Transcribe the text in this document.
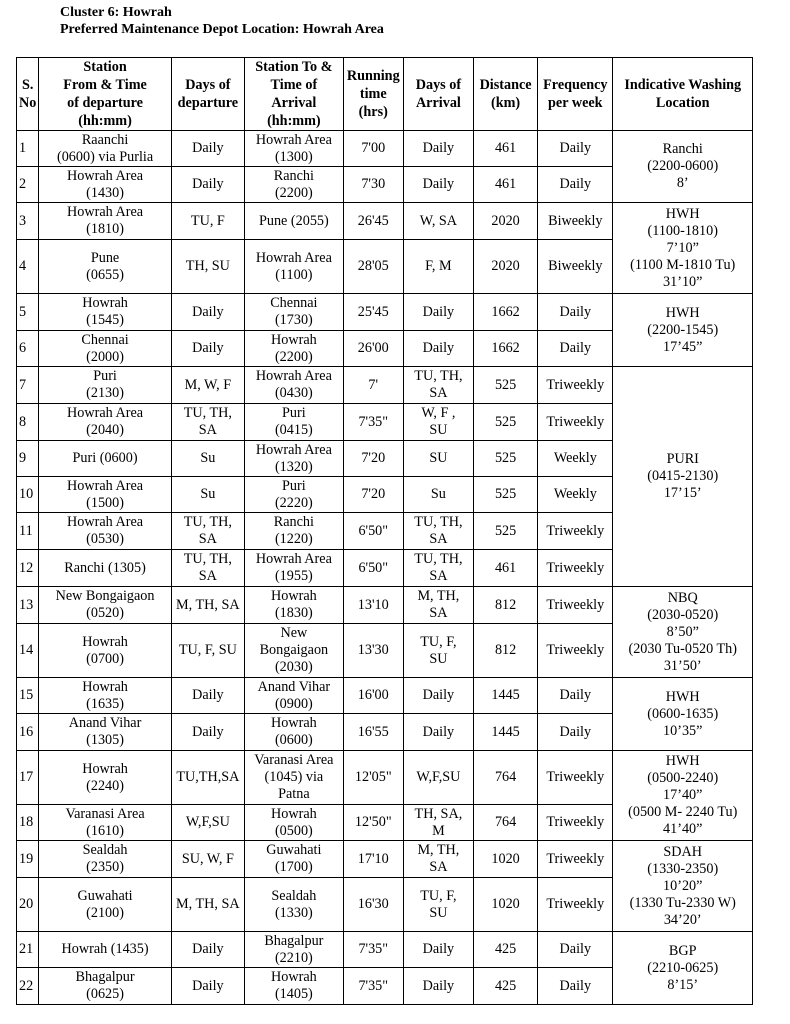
Cluster 6: Howrah
Preferred Maintenance Depot Location: Howrah Area
S.
No	Station
From & Time
of departure
(hh:mm)	Days of
departure	Station To &
Time of
Arrival
(hh:mm)	Running
time
(hrs)	Days of
Arrival	Distance
(km)	Frequency
per week	Indicative Washing
Location
1	Raanchi
(0600) via Purlia	Daily	Howrah Area
(1300)	7'00	Daily	461	Daily	Ranchi
(2200-0600)
8’
2	Howrah Area
(1430)	Daily	Ranchi
(2200)	7'30	Daily	461	Daily	
3	Howrah Area
(1810)	TU, F	Pune (2055)	26'45	W, SA	2020	Biweekly	HWH
(1100-1810)
7’10”
(1100 M-1810 Tu)
31’10”
4	Pune
(0655)	TH, SU	Howrah Area
(1100)	28'05	F, M	2020	Biweekly	
5	Howrah
(1545)	Daily	Chennai
(1730)	25'45	Daily	1662	Daily	HWH
(2200-1545)
17’45”
6	Chennai
(2000)	Daily	Howrah
(2200)	26'00	Daily	1662	Daily	
7	Puri
(2130)	M, W, F	Howrah Area
(0430)	7'	TU, TH,
SA	525	Triweekly	PURI
(0415-2130)
17’15’
8	Howrah Area
(2040)	TU, TH,
SA	Puri
(0415)	7'35"	W, F ,
SU	525	Triweekly	
9	Puri (0600)	Su	Howrah Area
(1320)	7'20	SU	525	Weekly	
10	Howrah Area
(1500)	Su	Puri
(2220)	7'20	Su	525	Weekly	
11	Howrah Area
(0530)	TU, TH,
SA	Ranchi
(1220)	6'50"	TU, TH,
SA	525	Triweekly	
12	Ranchi (1305)	TU, TH,
SA	Howrah Area
(1955)	6'50"	TU, TH,
SA	461	Triweekly	
13	New Bongaigaon
(0520)	M, TH, SA	Howrah
(1830)	13'10	M, TH,
SA	812	Triweekly	NBQ
(2030-0520)
8’50”
(2030 Tu-0520 Th)
31’50’
14	Howrah
(0700)	TU, F, SU	New
Bongaigaon
(2030)	13'30	TU, F,
SU	812	Triweekly	
15	Howrah
(1635)	Daily	Anand Vihar
(0900)	16'00	Daily	1445	Daily	HWH
(0600-1635)
10’35”
16	Anand Vihar
(1305)	Daily	Howrah
(0600)	16'55	Daily	1445	Daily	
17	Howrah
(2240)	TU,TH,SA	Varanasi Area
(1045) via
Patna	12'05"	W,F,SU	764	Triweekly	HWH
(0500-2240)
17’40”
(0500 M- 2240 Tu)
41’40”
18	Varanasi Area
(1610)	W,F,SU	Howrah
(0500)	12'50"	TH, SA,
M	764	Triweekly	
19	Sealdah
(2350)	SU, W, F	Guwahati
(1700)	17'10	M, TH,
SA	1020	Triweekly	SDAH
(1330-2350)
10’20”
(1330 Tu-2330 W)
34’20’
20	Guwahati
(2100)	M, TH, SA	Sealdah
(1330)	16'30	TU, F,
SU	1020	Triweekly	
21	Howrah (1435)	Daily	Bhagalpur
(2210)	7'35"	Daily	425	Daily	BGP
(2210-0625)
8’15’
22	Bhagalpur
(0625)	Daily	Howrah
(1405)	7'35"	Daily	425	Daily	
